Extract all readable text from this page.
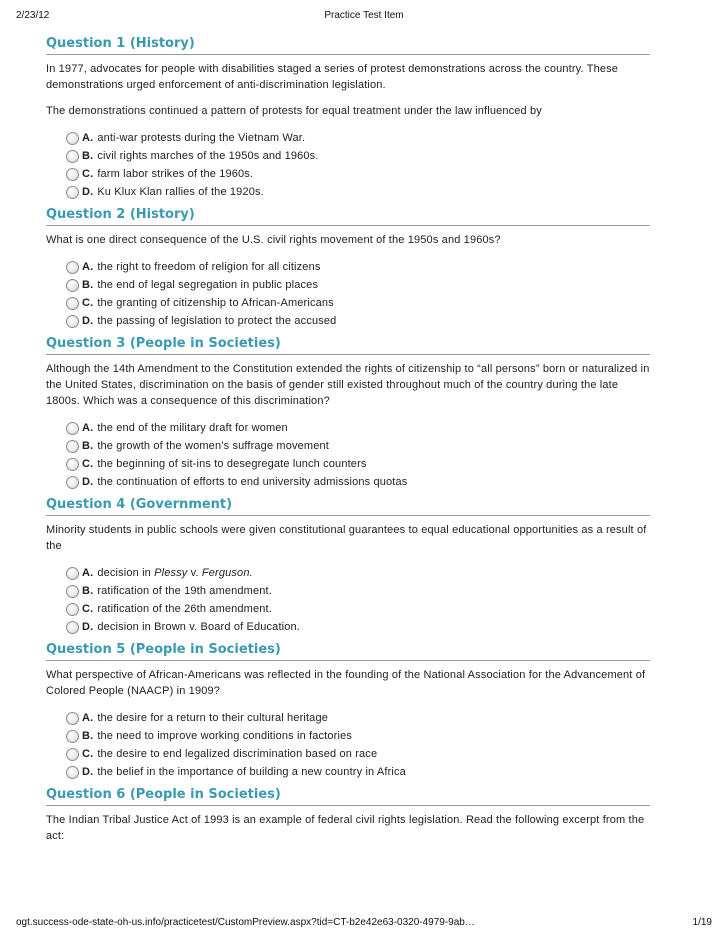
2/23/12	Practice Test Item
Question 1 (History)

In 1977, advocates for people with disabilities staged a series of protest demonstrations across the country. These demonstrations urged enforcement of anti-discrimination legislation.

The demonstrations continued a pattern of protests for equal treatment under the law influenced by

A. anti-war protests during the Vietnam War.
B. civil rights marches of the 1950s and 1960s.
C. farm labor strikes of the 1960s.
D. Ku Klux Klan rallies of the 1920s.
Question 2 (History)

What is one direct consequence of the U.S. civil rights movement of the 1950s and 1960s?

A. the right to freedom of religion for all citizens
B. the end of legal segregation in public places
C. the granting of citizenship to African-Americans
D. the passing of legislation to protect the accused
Question 3 (People in Societies)

Although the 14th Amendment to the Constitution extended the rights of citizenship to “all persons” born or naturalized in the United States, discrimination on the basis of gender still existed throughout much of the country during the late 1800s. Which was a consequence of this discrimination?

A. the end of the military draft for women
B. the growth of the women’s suffrage movement
C. the beginning of sit-ins to desegregate lunch counters
D. the continuation of efforts to end university admissions quotas
Question 4 (Government)

Minority students in public schools were given constitutional guarantees to equal educational opportunities as a result of the

A. decision in Plessy v. Ferguson.
B. ratification of the 19th amendment.
C. ratification of the 26th amendment.
D. decision in Brown v. Board of Education.
Question 5 (People in Societies)

What perspective of African-Americans was reflected in the founding of the National Association for the Advancement of Colored People (NAACP) in 1909?

A. the desire for a return to their cultural heritage
B. the need to improve working conditions in factories
C. the desire to end legalized discrimination based on race
D. the belief in the importance of building a new country in Africa
Question 6 (People in Societies)

The Indian Tribal Justice Act of 1993 is an example of federal civil rights legislation. Read the following excerpt from the act:

ogt.success-ode-state-oh-us.info/practicetest/CustomPreview.aspx?tid=CT-b2e42e63-0320-4979-9ab…	1/19
